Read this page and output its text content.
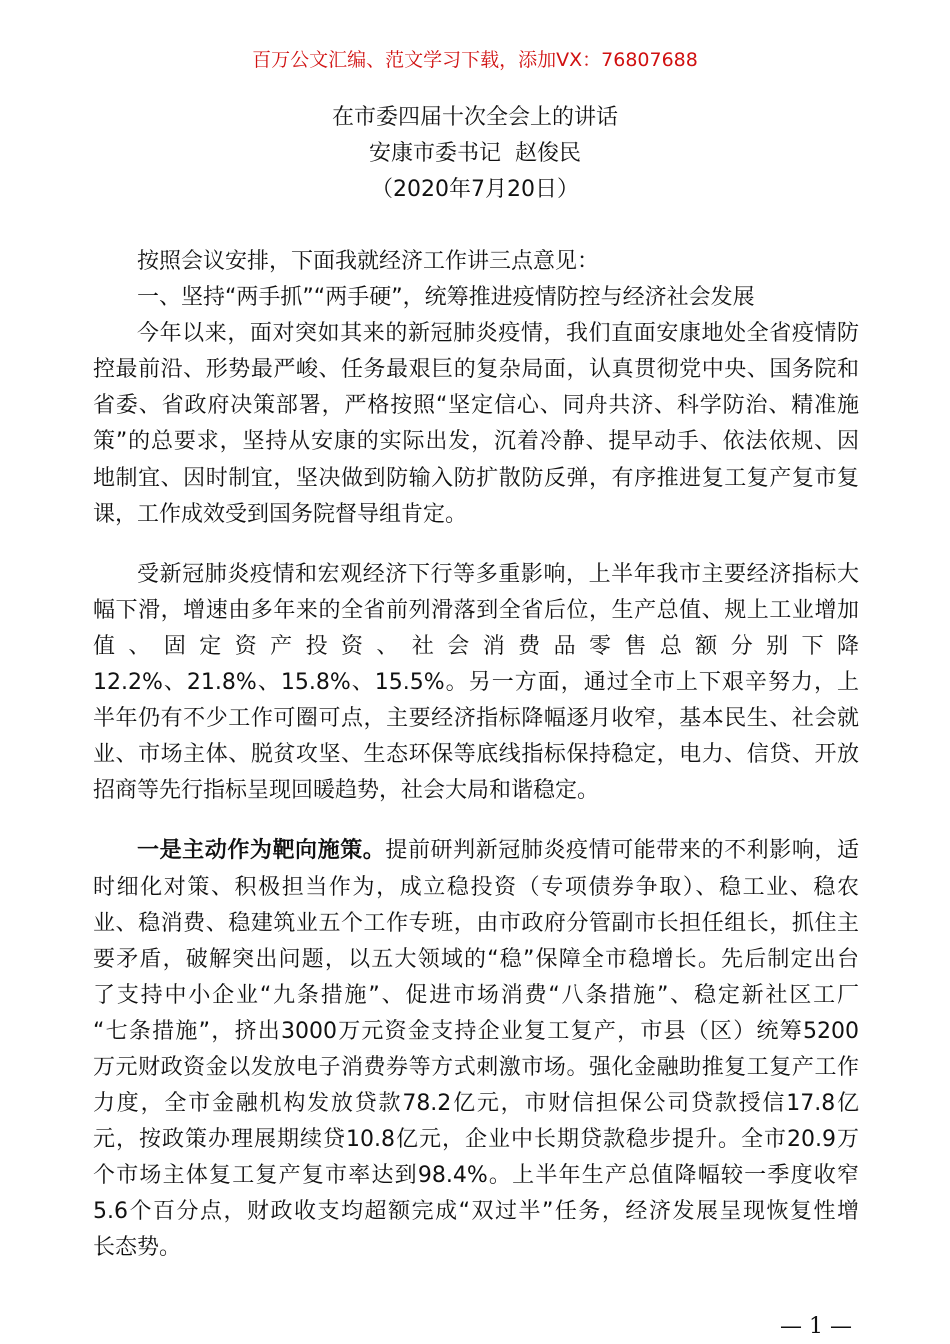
百万公文汇编、范文学习下载，添加VX：76807688
在市委四届十次全会上的讲话
安康市委书记  赵俊民
（2020年7月20日）
按照会议安排，下面我就经济工作讲三点意见：
一、坚持“两手抓”“两手硬”，统筹推进疫情防控与经济社会发展
今年以来，面对突如其来的新冠肺炎疫情，我们直面安康地处全省疫情防
控最前沿、形势最严峻、任务最艰巨的复杂局面，认真贯彻党中央、国务院和
省委、省政府决策部署，严格按照“坚定信心、同舟共济、科学防治、精准施
策”的总要求，坚持从安康的实际出发，沉着冷静、提早动手、依法依规、因
地制宜、因时制宜，坚决做到防输入防扩散防反弹，有序推进复工复产复市复
课，工作成效受到国务院督导组肯定。
受新冠肺炎疫情和宏观经济下行等多重影响，上半年我市主要经济指标大
幅下滑，增速由多年来的全省前列滑落到全省后位，生产总值、规上工业增加
值、固定资产投资、社会消费品零售总额分别下降
12.2%、21.8%、15.8%、15.5%。另一方面，通过全市上下艰辛努力，上
半年仍有不少工作可圈可点，主要经济指标降幅逐月收窄，基本民生、社会就
业、市场主体、脱贫攻坚、生态环保等底线指标保持稳定，电力、信贷、开放
招商等先行指标呈现回暖趋势，社会大局和谐稳定。
一是主动作为靶向施策。提前研判新冠肺炎疫情可能带来的不利影响，适
时细化对策、积极担当作为，成立稳投资（专项债券争取）、稳工业、稳农
业、稳消费、稳建筑业五个工作专班，由市政府分管副市长担任组长，抓住主
要矛盾，破解突出问题，以五大领域的“稳”保障全市稳增长。先后制定出台
了支持中小企业“九条措施”、促进市场消费“八条措施”、稳定新社区工厂
“七条措施”，挤出3000万元资金支持企业复工复产，市县（区）统筹5200
万元财政资金以发放电子消费券等方式刺激市场。强化金融助推复工复产工作
力度，全市金融机构发放贷款78.2亿元，市财信担保公司贷款授信17.8亿
元，按政策办理展期续贷10.8亿元，企业中长期贷款稳步提升。全市20.9万
个市场主体复工复产复市率达到98.4%。上半年生产总值降幅较一季度收窄
5.6个百分点，财政收支均超额完成“双过半”任务，经济发展呈现恢复性增
长态势。
— 1 —
